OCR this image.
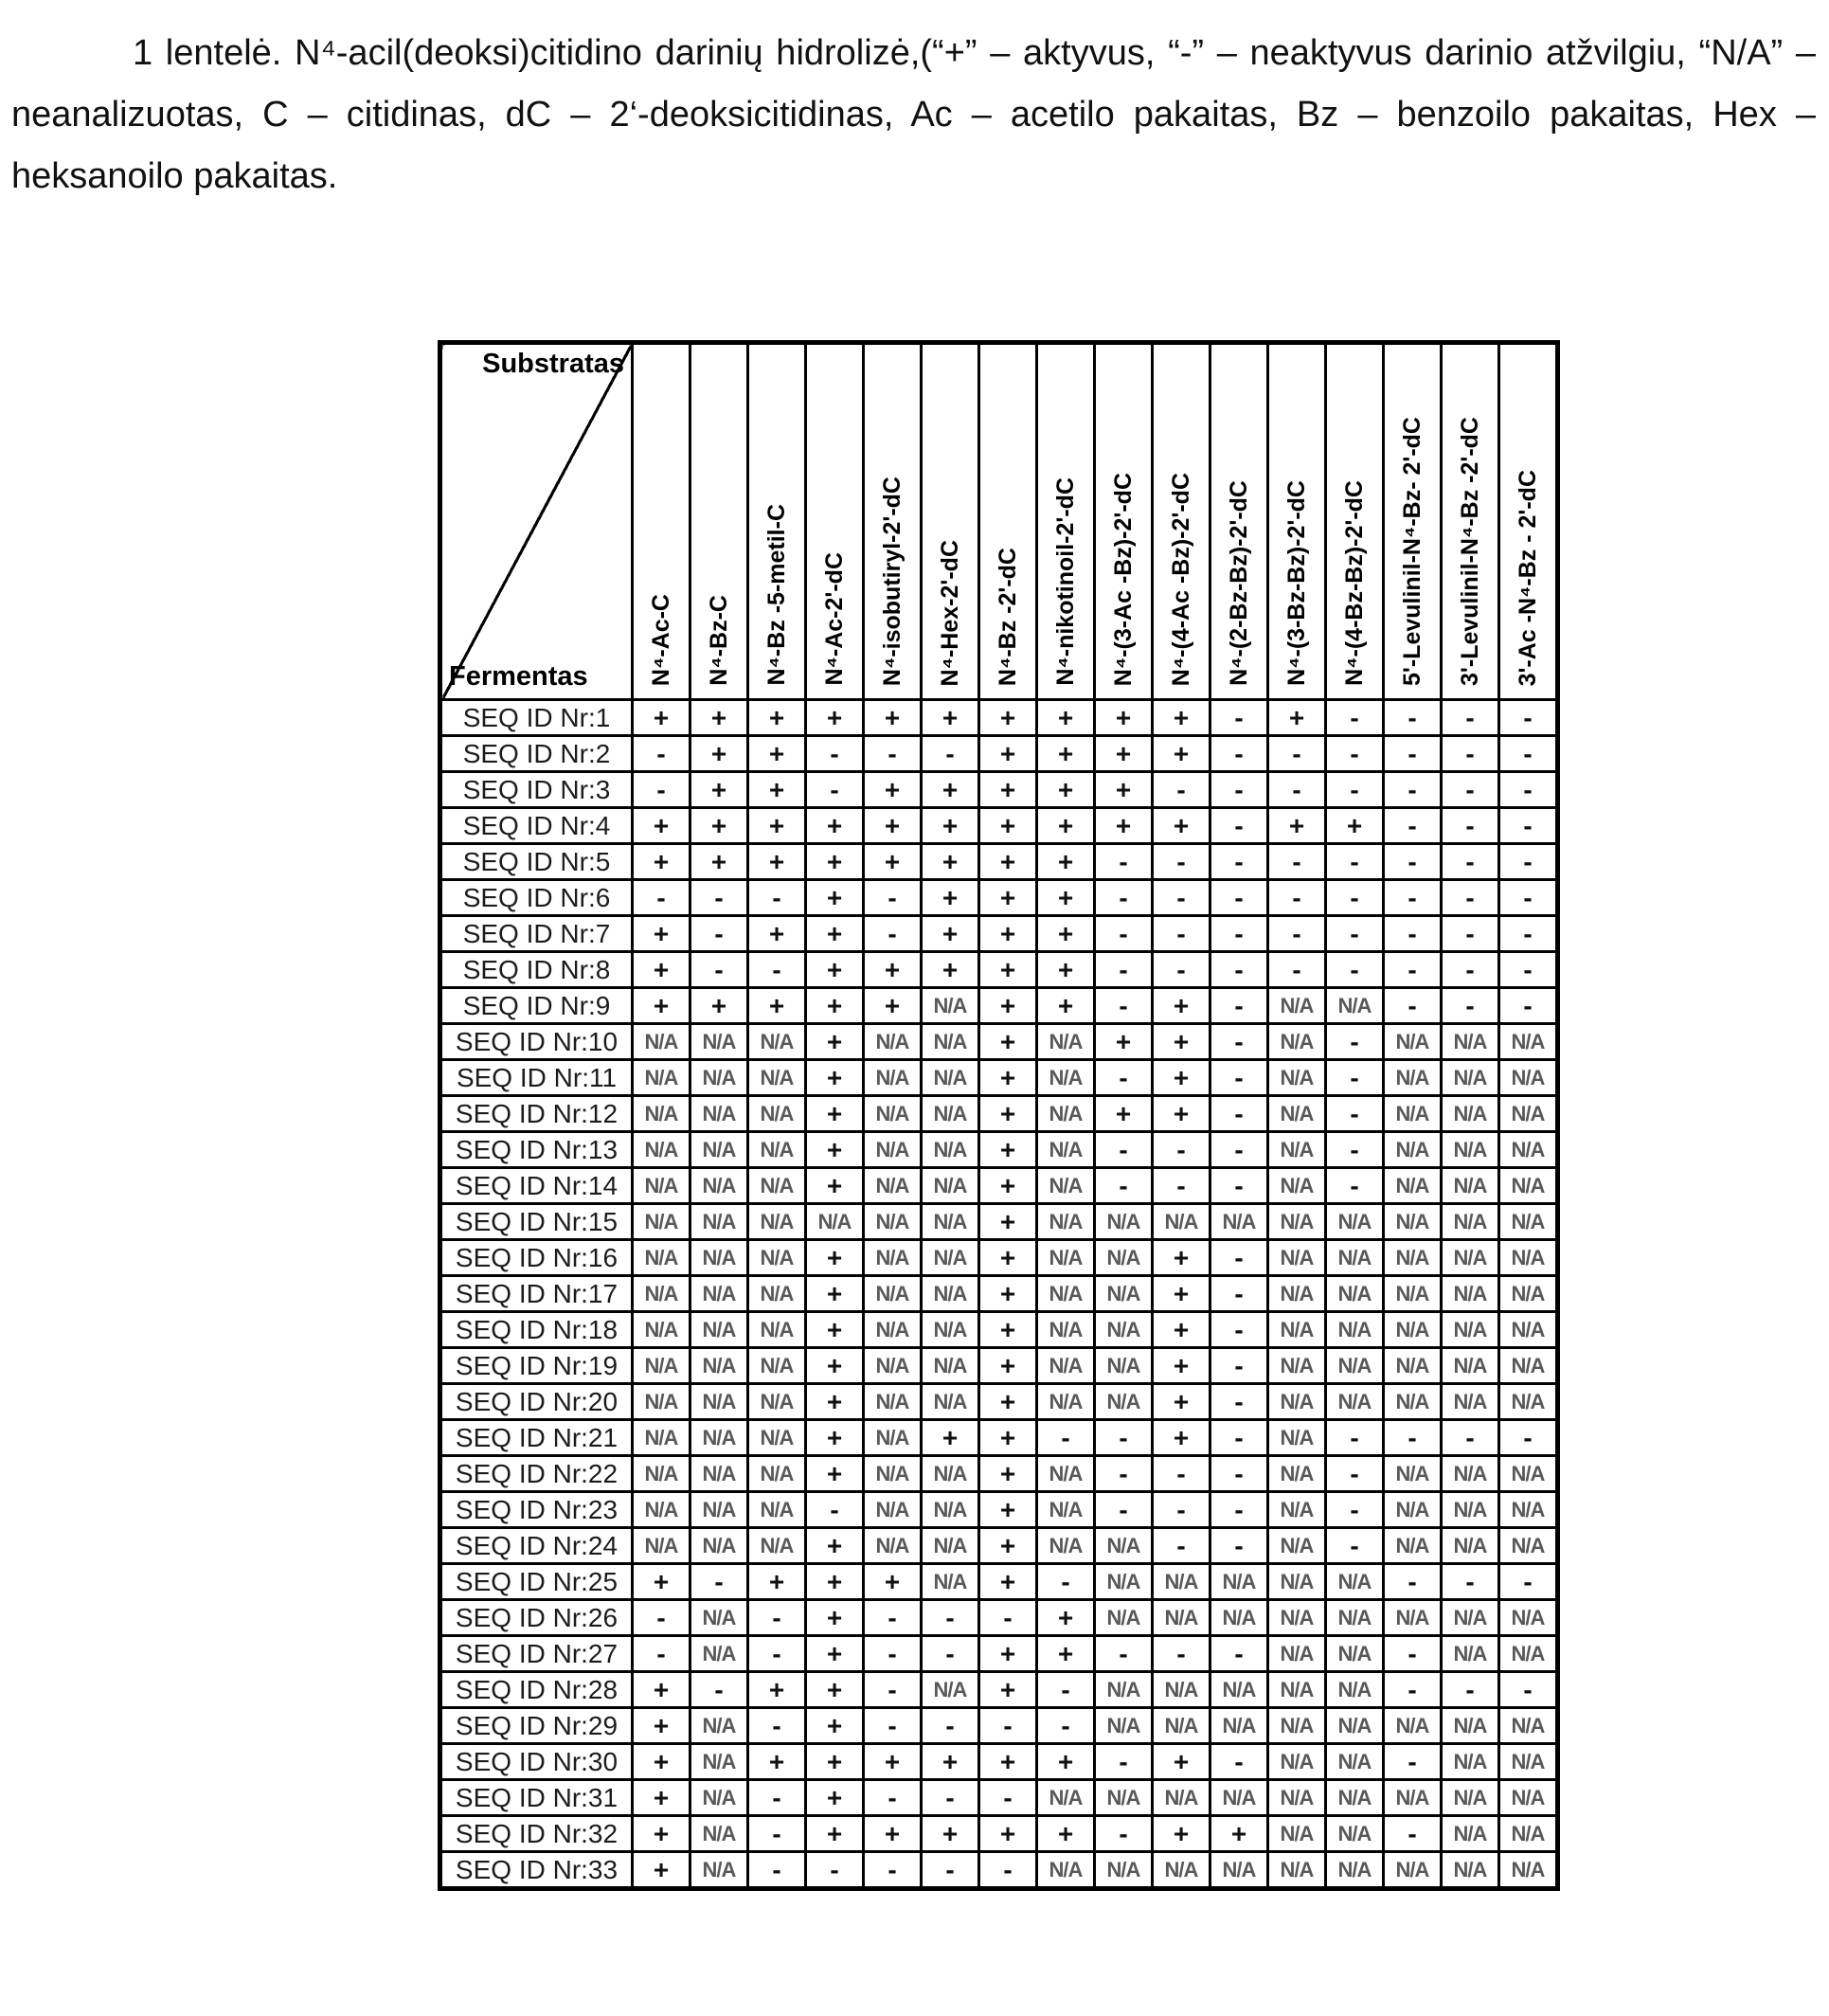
1 lentelė. N⁴-acil(deoksi)citidino darinių hidrolizė,(“+” – aktyvus, “-” – neaktyvus darinio atžvilgiu, “N/A” – neanalizuotas, C – citidinas, dC – 2‘-deoksicitidinas, Ac – acetilo pakaitas, Bz – benzoilo pakaitas, Hex – heksanoilo pakaitas.

Substratas
Fermentas	N⁴-Ac-C	N⁴-Bz-C	N⁴-Bz -5-metil-C	N⁴-Ac-2'-dC	N⁴-isobutiryl-2'-dC	N⁴-Hex-2'-dC	N⁴-Bz -2'-dC	N⁴-nikotinoil-2'-dC	N⁴-(3-Ac -Bz)-2'-dC	N⁴-(4-Ac -Bz)-2'-dC	N⁴-(2-Bz-Bz)-2'-dC	N⁴-(3-Bz-Bz)-2'-dC	N⁴-(4-Bz-Bz)-2'-dC	5'-Levulinil-N⁴-Bz- 2'-dC	3'-Levulinil-N⁴-Bz -2'-dC	3'-Ac -N⁴-Bz - 2'-dC
SEQ ID Nr:1	+	+	+	+	+	+	+	+	+	+	-	+	-	-	-	-
SEQ ID Nr:2	-	+	+	-	-	-	+	+	+	+	-	-	-	-	-	-
SEQ ID Nr:3	-	+	+	-	+	+	+	+	+	-	-	-	-	-	-	-
SEQ ID Nr:4	+	+	+	+	+	+	+	+	+	+	-	+	+	-	-	-
SEQ ID Nr:5	+	+	+	+	+	+	+	+	-	-	-	-	-	-	-	-
SEQ ID Nr:6	-	-	-	+	-	+	+	+	-	-	-	-	-	-	-	-
SEQ ID Nr:7	+	-	+	+	-	+	+	+	-	-	-	-	-	-	-	-
SEQ ID Nr:8	+	-	-	+	+	+	+	+	-	-	-	-	-	-	-	-
SEQ ID Nr:9	+	+	+	+	+	N/A	+	+	-	+	-	N/A	N/A	-	-	-
SEQ ID Nr:10	N/A	N/A	N/A	+	N/A	N/A	+	N/A	+	+	-	N/A	-	N/A	N/A	N/A
SEQ ID Nr:11	N/A	N/A	N/A	+	N/A	N/A	+	N/A	-	+	-	N/A	-	N/A	N/A	N/A
SEQ ID Nr:12	N/A	N/A	N/A	+	N/A	N/A	+	N/A	+	+	-	N/A	-	N/A	N/A	N/A
SEQ ID Nr:13	N/A	N/A	N/A	+	N/A	N/A	+	N/A	-	-	-	N/A	-	N/A	N/A	N/A
SEQ ID Nr:14	N/A	N/A	N/A	+	N/A	N/A	+	N/A	-	-	-	N/A	-	N/A	N/A	N/A
SEQ ID Nr:15	N/A	N/A	N/A	N/A	N/A	N/A	+	N/A	N/A	N/A	N/A	N/A	N/A	N/A	N/A	N/A
SEQ ID Nr:16	N/A	N/A	N/A	+	N/A	N/A	+	N/A	N/A	+	-	N/A	N/A	N/A	N/A	N/A
SEQ ID Nr:17	N/A	N/A	N/A	+	N/A	N/A	+	N/A	N/A	+	-	N/A	N/A	N/A	N/A	N/A
SEQ ID Nr:18	N/A	N/A	N/A	+	N/A	N/A	+	N/A	N/A	+	-	N/A	N/A	N/A	N/A	N/A
SEQ ID Nr:19	N/A	N/A	N/A	+	N/A	N/A	+	N/A	N/A	+	-	N/A	N/A	N/A	N/A	N/A
SEQ ID Nr:20	N/A	N/A	N/A	+	N/A	N/A	+	N/A	N/A	+	-	N/A	N/A	N/A	N/A	N/A
SEQ ID Nr:21	N/A	N/A	N/A	+	N/A	+	+	-	-	+	-	N/A	-	-	-	-
SEQ ID Nr:22	N/A	N/A	N/A	+	N/A	N/A	+	N/A	-	-	-	N/A	-	N/A	N/A	N/A
SEQ ID Nr:23	N/A	N/A	N/A	-	N/A	N/A	+	N/A	-	-	-	N/A	-	N/A	N/A	N/A
SEQ ID Nr:24	N/A	N/A	N/A	+	N/A	N/A	+	N/A	N/A	-	-	N/A	-	N/A	N/A	N/A
SEQ ID Nr:25	+	-	+	+	+	N/A	+	-	N/A	N/A	N/A	N/A	N/A	-	-	-
SEQ ID Nr:26	-	N/A	-	+	-	-	-	+	N/A	N/A	N/A	N/A	N/A	N/A	N/A	N/A
SEQ ID Nr:27	-	N/A	-	+	-	-	+	+	-	-	-	N/A	N/A	-	N/A	N/A
SEQ ID Nr:28	+	-	+	+	-	N/A	+	-	N/A	N/A	N/A	N/A	N/A	-	-	-
SEQ ID Nr:29	+	N/A	-	+	-	-	-	-	N/A	N/A	N/A	N/A	N/A	N/A	N/A	N/A
SEQ ID Nr:30	+	N/A	+	+	+	+	+	+	-	+	-	N/A	N/A	-	N/A	N/A
SEQ ID Nr:31	+	N/A	-	+	-	-	-	N/A	N/A	N/A	N/A	N/A	N/A	N/A	N/A	N/A
SEQ ID Nr:32	+	N/A	-	+	+	+	+	+	-	+	+	N/A	N/A	-	N/A	N/A
SEQ ID Nr:33	+	N/A	-	-	-	-	-	N/A	N/A	N/A	N/A	N/A	N/A	N/A	N/A	N/A
